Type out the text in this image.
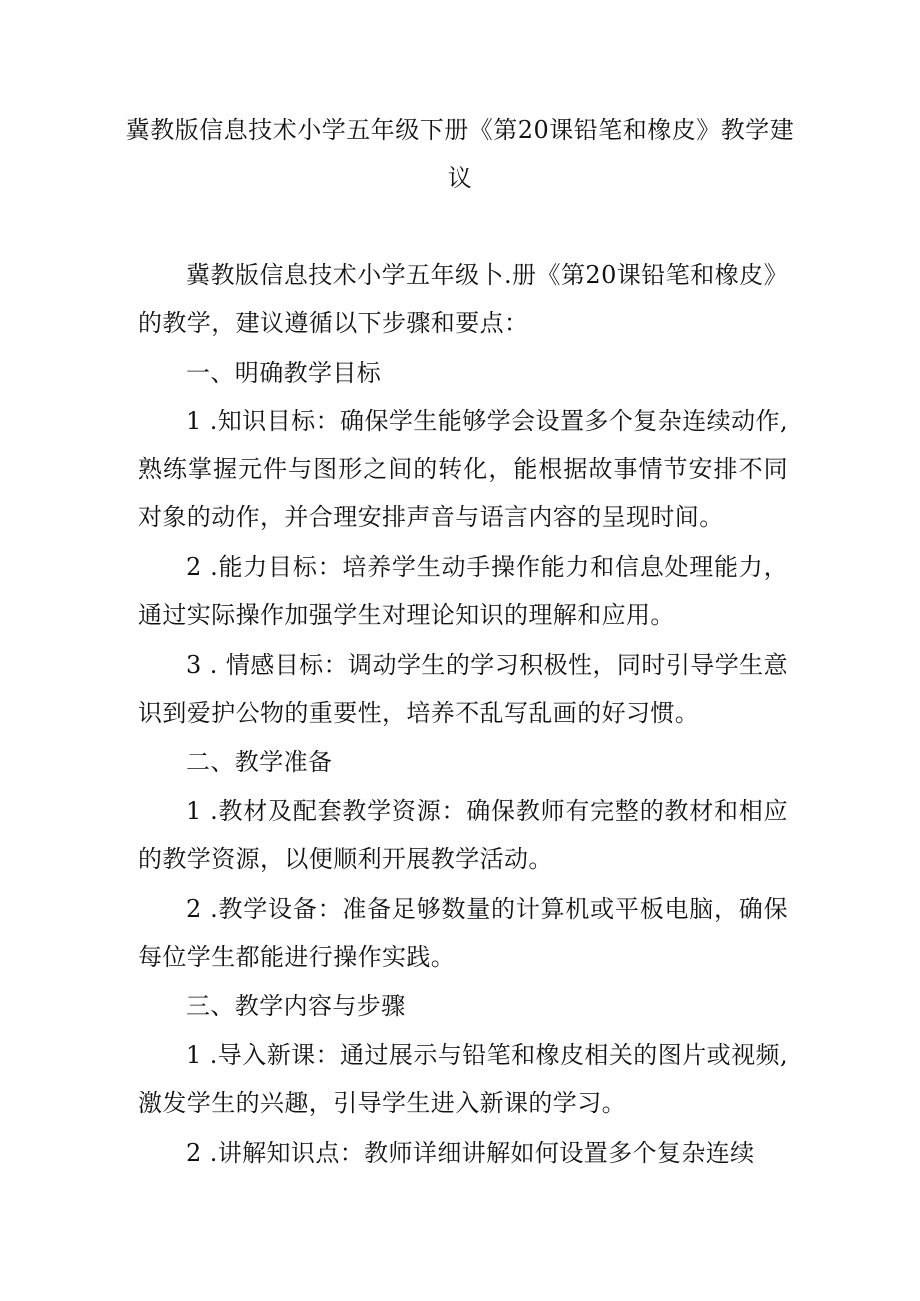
冀教版信息技术小学五年级下册《第20课铅笔和橡皮》教学建议
冀教版信息技术小学五年级卜.册《第20课铅笔和橡皮》的教学，建议遵循以下步骤和要点：
一、明确教学目标
1 .知识目标：确保学生能够学会设置多个复杂连续动作,熟练掌握元件与图形之间的转化，能根据故事情节安排不同对象的动作，并合理安排声音与语言内容的呈现时间。
2 .能力目标：培养学生动手操作能力和信息处理能力，通过实际操作加强学生对理论知识的理解和应用。
3 . 情感目标：调动学生的学习积极性，同时引导学生意识到爱护公物的重要性，培养不乱写乱画的好习惯。
二、教学准备
1 .教材及配套教学资源：确保教师有完整的教材和相应的教学资源，以便顺利开展教学活动。
2 .教学设备：准备足够数量的计算机或平板电脑，确保每位学生都能进行操作实践。
三、教学内容与步骤
1 .导入新课：通过展示与铅笔和橡皮相关的图片或视频,激发学生的兴趣，引导学生进入新课的学习。
2 .讲解知识点：教师详细讲解如何设置多个复杂连续
